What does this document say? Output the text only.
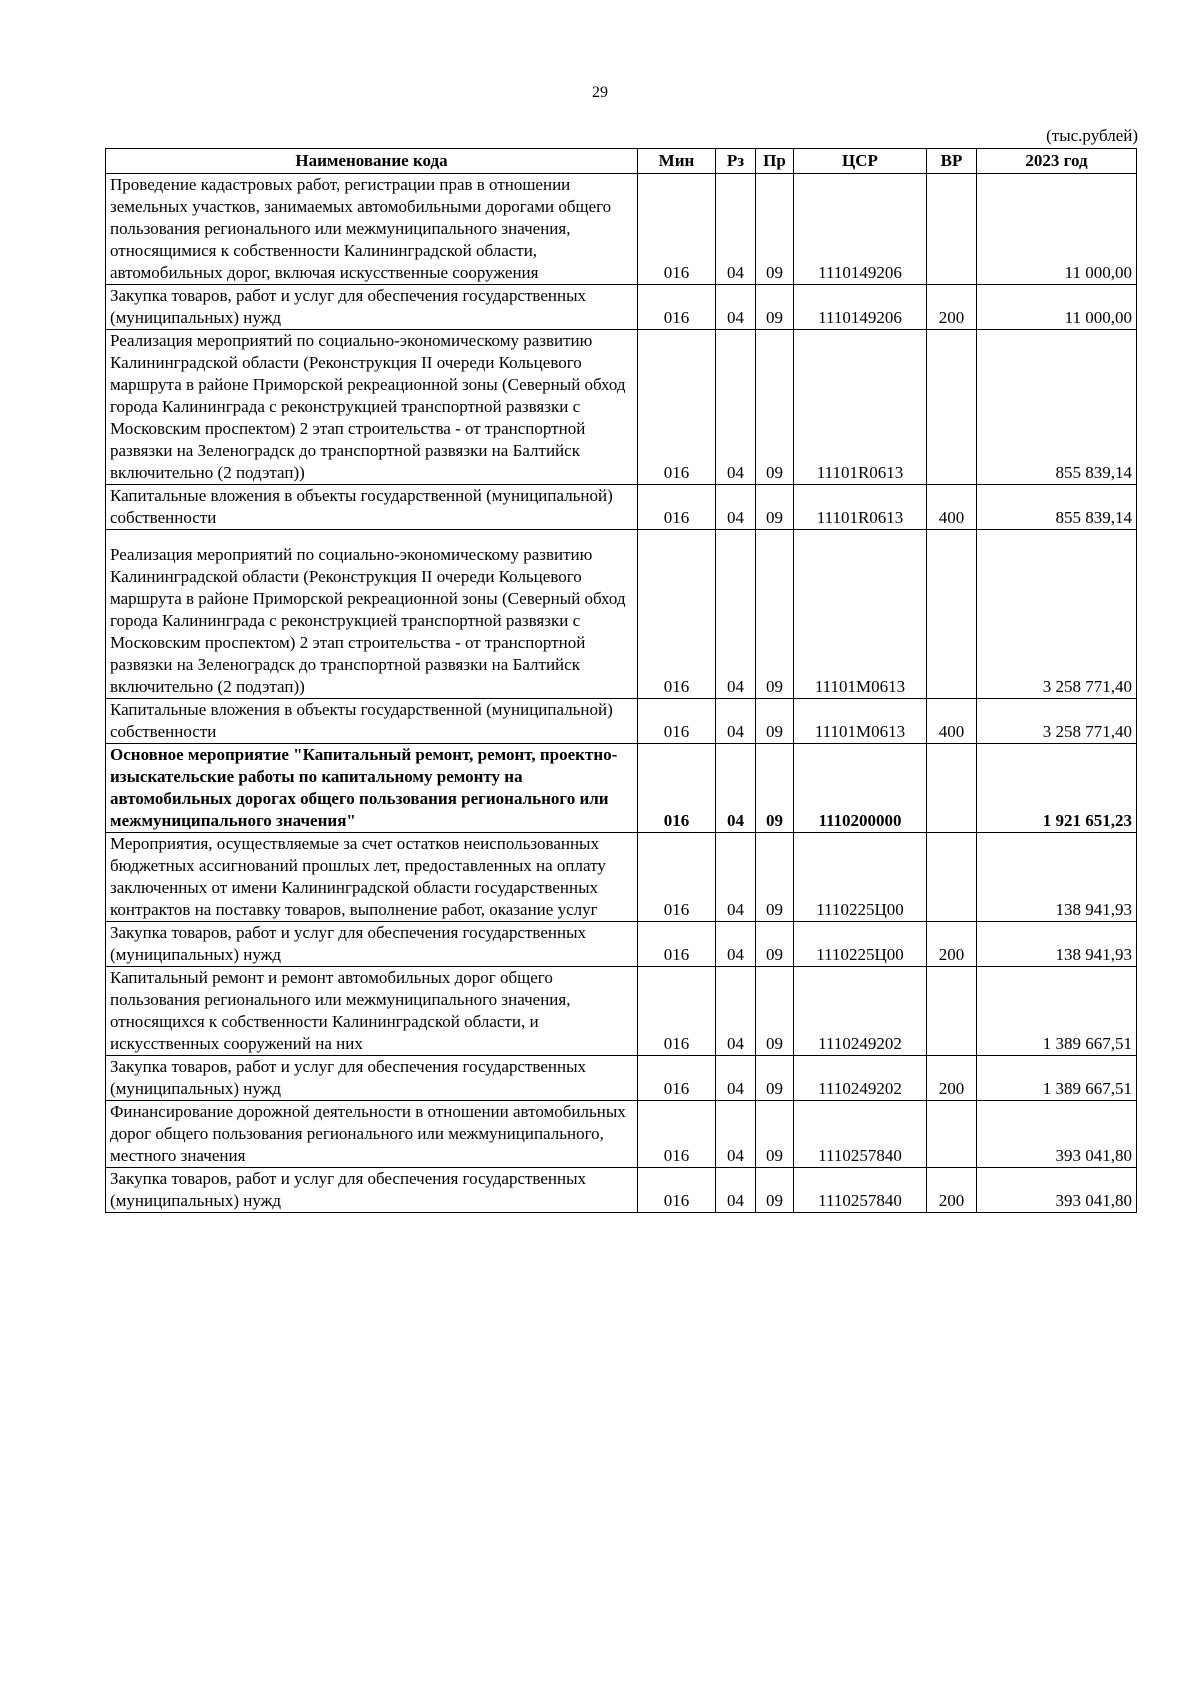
29
(тыс.рублей)
Наименование кода	Мин	Рз	Пр	ЦСР	ВР	2023 год
Проведение кадастровых работ, регистрации прав в отношении земельных участков, занимаемых автомобильными дорогами общего пользования регионального или межмуниципального значения, относящимися к собственности Калининградской области, автомобильных дорог, включая искусственные сооружения	016	04	09	1110149206		11 000,00
Закупка товаров, работ и услуг для обеспечения государственных (муниципальных) нужд	016	04	09	1110149206	200	11 000,00
Реализация мероприятий по социально-экономическому развитию Калининградской области (Реконструкция II очереди Кольцевого маршрута в районе Приморской рекреационной зоны (Северный обход города Калининграда с реконструкцией транспортной развязки с Московским проспектом) 2 этап строительства - от транспортной развязки на Зеленоградск до транспортной развязки на Балтийск включительно (2 подэтап))	016	04	09	11101R0613		855 839,14
Капитальные вложения в объекты государственной (муниципальной) собственности	016	04	09	11101R0613	400	855 839,14
Реализация мероприятий по социально-экономическому развитию Калининградской области (Реконструкция II очереди Кольцевого маршрута в районе Приморской рекреационной зоны (Северный обход города Калининграда с реконструкцией транспортной развязки с Московским проспектом) 2 этап строительства - от транспортной развязки на Зеленоградск до транспортной развязки на Балтийск включительно (2 подэтап))	016	04	09	11101M0613		3 258 771,40
Капитальные вложения в объекты государственной (муниципальной) собственности	016	04	09	11101M0613	400	3 258 771,40
Основное мероприятие "Капитальный ремонт, ремонт, проектно-изыскательские работы по капитальному ремонту на автомобильных дорогах общего пользования регионального или межмуниципального значения"	016	04	09	1110200000		1 921 651,23
Мероприятия, осуществляемые за счет остатков неиспользованных бюджетных ассигнований прошлых лет, предоставленных на оплату заключенных от имени Калининградской области государственных контрактов на поставку товаров, выполнение работ, оказание услуг	016	04	09	1110225Ц00		138 941,93
Закупка товаров, работ и услуг для обеспечения государственных (муниципальных) нужд	016	04	09	1110225Ц00	200	138 941,93
Капитальный ремонт и ремонт автомобильных дорог общего пользования регионального или межмуниципального значения, относящихся к собственности Калининградской области, и искусственных сооружений на них	016	04	09	1110249202		1 389 667,51
Закупка товаров, работ и услуг для обеспечения государственных (муниципальных) нужд	016	04	09	1110249202	200	1 389 667,51
Финансирование дорожной деятельности в отношении автомобильных дорог общего пользования регионального или межмуниципального, местного значения	016	04	09	1110257840		393 041,80
Закупка товаров, работ и услуг для обеспечения государственных (муниципальных) нужд	016	04	09	1110257840	200	393 041,80
